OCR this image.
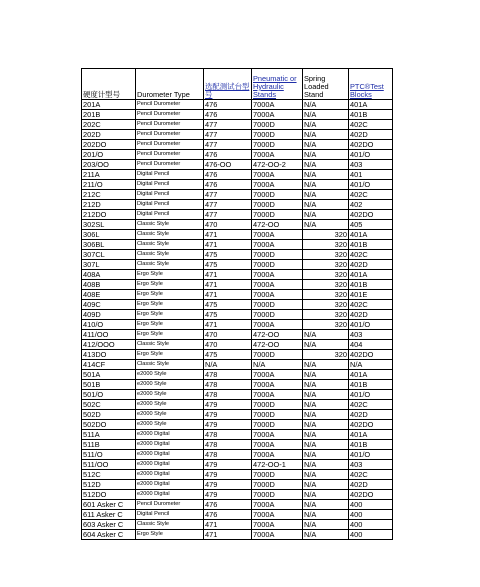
硬度计型号	Durometer Type	选配测试台型号	Pneumatic or Hydraulic Stands	Spring Loaded Stand	PTC®Test Blocks
201A	Pencil Durometer	476	7000A	N/A	401A
201B	Pencil Durometer	476	7000A	N/A	401B
202C	Pencil Durometer	477	7000D	N/A	402C
202D	Pencil Durometer	477	7000D	N/A	402D
202DO	Pencil Durometer	477	7000D	N/A	402DO
201/O	Pencil Durometer	476	7000A	N/A	401/O
203/OO	Pencil Durometer	476-OO	472-OO-2	N/A	403
211A	Digital Pencil	476	7000A	N/A	401
211/O	Digital Pencil	476	7000A	N/A	401/O
212C	Digital Pencil	477	7000D	N/A	402C
212D	Digital Pencil	477	7000D	N/A	402
212DO	Digital Pencil	477	7000D	N/A	402DO
302SL	Classic Style	470	472-OO	N/A	405
306L	Classic Style	471	7000A	320	401A
306BL	Classic Style	471	7000A	320	401B
307CL	Classic Style	475	7000D	320	402C
307L	Classic Style	475	7000D	320	402D
408A	Ergo Style	471	7000A	320	401A
408B	Ergo Style	471	7000A	320	401B
408E	Ergo Style	471	7000A	320	401E
409C	Ergo Style	475	7000D	320	402C
409D	Ergo Style	475	7000D	320	402D
410/O	Ergo Style	471	7000A	320	401/O
411/OO	Ergo Style	470	472-OO	N/A	403
412/OOO	Classic Style	470	472-OO	N/A	404
413DO	Ergo Style	475	7000D	320	402DO
414CF	Classic Style	N/A	N/A	N/A	N/A
501A	e2000 Style	478	7000A	N/A	401A
501B	e2000 Style	478	7000A	N/A	401B
501/O	e2000 Style	478	7000A	N/A	401/O
502C	e2000 Style	479	7000D	N/A	402C
502D	e2000 Style	479	7000D	N/A	402D
502DO	e2000 Style	479	7000D	N/A	402DO
511A	e2000 Digital	478	7000A	N/A	401A
511B	e2000 Digital	478	7000A	N/A	401B
511/O	e2000 Digital	478	7000A	N/A	401/O
511/OO	e2000 Digital	479	472-OO-1	N/A	403
512C	e2000 Digital	479	7000D	N/A	402C
512D	e2000 Digital	479	7000D	N/A	402D
512DO	e2000 Digital	479	7000D	N/A	402DO
601 Asker C	Pencil Durometer	476	7000A	N/A	400
611 Asker C	Digital Pencil	476	7000A	N/A	400
603 Asker C	Classic Style	471	7000A	N/A	400
604 Asker C	Ergo Style	471	7000A	N/A	400
